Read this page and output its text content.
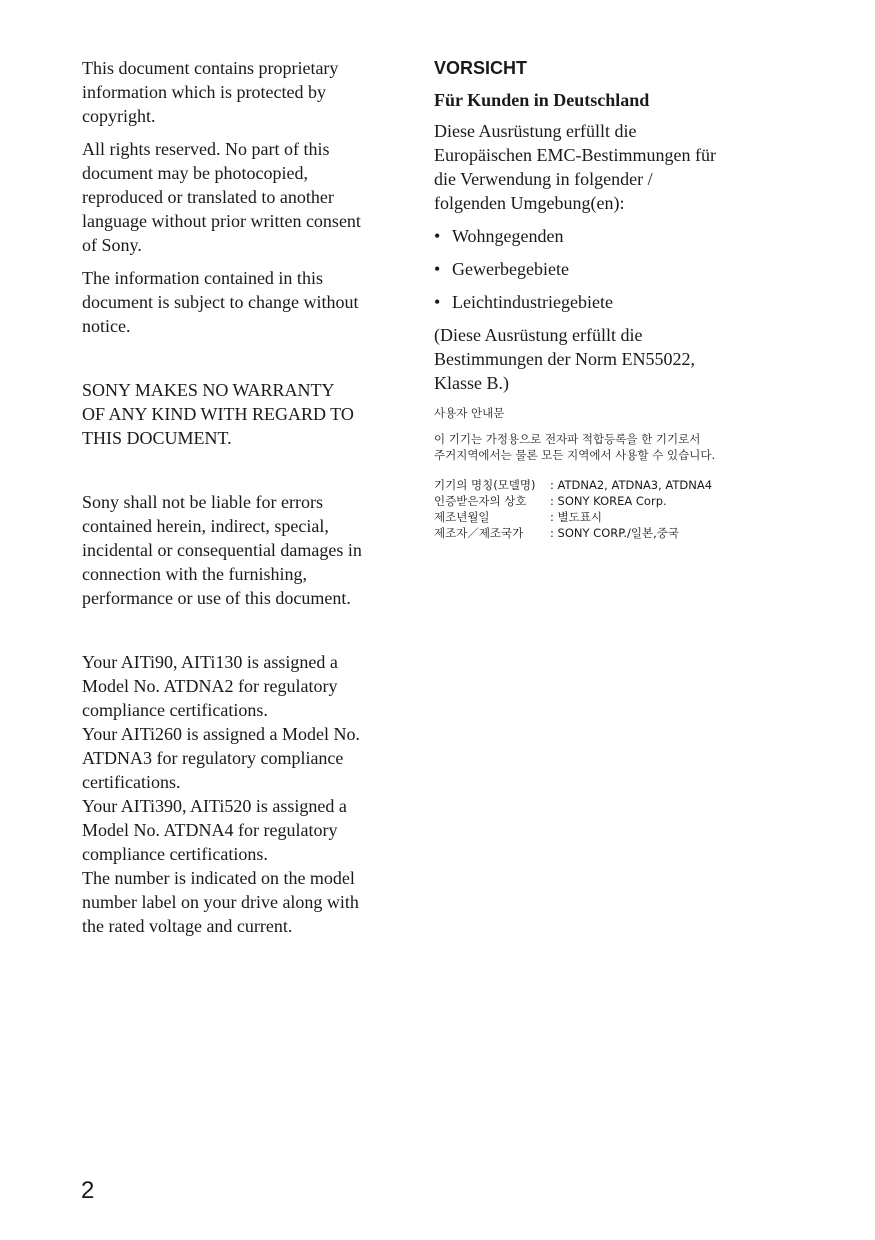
This document contains proprietary
information which is protected by
copyright.

All rights reserved. No part of this
document may be photocopied,
reproduced or translated to another
language without prior written consent
of Sony.

The information contained in this
document is subject to change without
notice.

SONY MAKES NO WARRANTY
OF ANY KIND WITH REGARD TO
THIS DOCUMENT.

Sony shall not be liable for errors
contained herein, indirect, special,
incidental or consequential damages in
connection with the furnishing,
performance or use of this document.

Your AITi90, AITi130 is assigned a
Model No. ATDNA2 for regulatory
compliance certifications.
Your AITi260 is assigned a Model No.
ATDNA3 for regulatory compliance
certifications.
Your AITi390, AITi520 is assigned a
Model No. ATDNA4 for regulatory
compliance certifications.
The number is indicated on the model
number label on your drive along with
the rated voltage and current.

VORSICHT
Für Kunden in Deutschland

Diese Ausrüstung erfüllt die
Europäischen EMC-Bestimmungen für
die Verwendung in folgender /
folgenden Umgebung(en):

• Wohngegenden
• Gewerbegebiete
• Leichtindustriegebiete

(Diese Ausrüstung erfüllt die
Bestimmungen der Norm EN55022,
Klasse B.)

사용자 안내문
이 기기는 가정용으로 전자파 적합등록을 한 기기로서
주거지역에서는 물론 모든 지역에서 사용할 수 있습니다.
기기의 명칭(모델명)	: ATDNA2, ATDNA3, ATDNA4
인증받은자의 상호	: SONY KOREA Corp.
제조년월일	: 별도표시
제조자／제조국가	: SONY CORP./일본,중국
2
